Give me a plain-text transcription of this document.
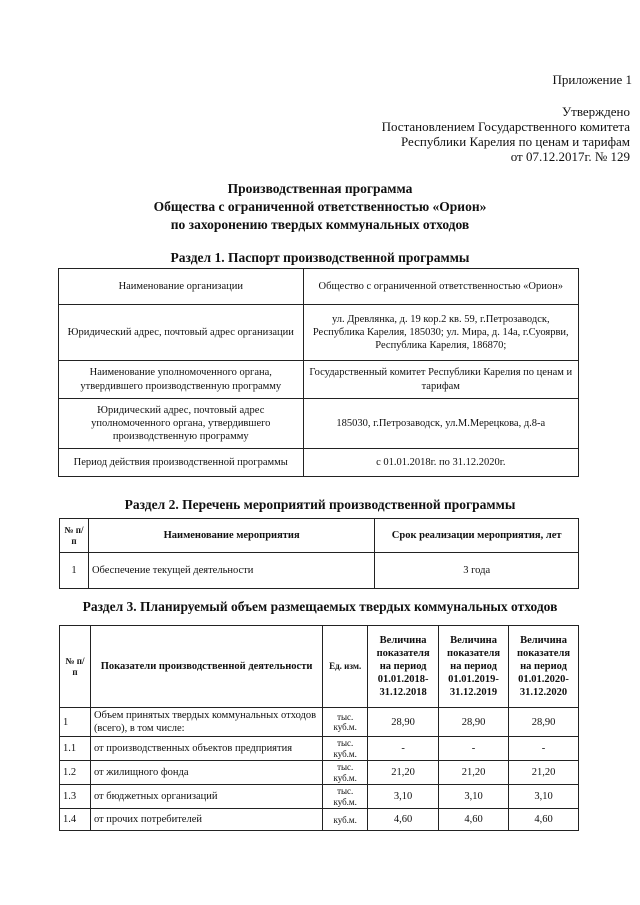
Приложение 1
Утверждено
Постановлением Государственного комитета
Республики Карелия по ценам и тарифам
от 07.12.2017г. № 129
Производственная программа
Общества с ограниченной ответственностью «Орион»
по захоронению твердых коммунальных отходов
Раздел 1. Паспорт производственной программы
Наименование организации	Общество с ограниченной ответственностью «Орион»
Юридический адрес, почтовый адрес организации	ул. Древлянка, д. 19 кор.2 кв. 59, г.Петрозаводск, Республика Карелия, 185030; ул. Мира, д. 14а, г.Суоярви, Республика Карелия, 186870;
Наименование уполномоченного органа, утвердившего производственную программу	Государственный комитет Республики Карелия по ценам и тарифам
Юридический адрес, почтовый адрес уполномоченного органа, утвердившего производственную программу	185030, г.Петрозаводск, ул.М.Мерецкова, д.8-а
Период действия производственной программы	с 01.01.2018г. по 31.12.2020г.
Раздел 2. Перечень мероприятий производственной программы
№ п/п	Наименование мероприятия	Срок реализации мероприятия, лет
1	Обеспечение текущей деятельности	3 года
Раздел 3. Планируемый объем размещаемых твердых коммунальных отходов
№ п/п	Показатели производственной деятельности	Ед. изм.	Величина показателя на период 01.01.2018-31.12.2018	Величина показателя на период 01.01.2019-31.12.2019	Величина показателя на период 01.01.2020-31.12.2020
1	Объем принятых твердых коммунальных отходов (всего), в том числе:	тыс. куб.м.	28,90	28,90	28,90
1.1	от производственных объектов предприятия	тыс. куб.м.	-	-	-
1.2	от жилищного фонда	тыс. куб.м.	21,20	21,20	21,20
1.3	от бюджетных организаций	тыс. куб.м.	3,10	3,10	3,10
1.4	от прочих потребителей	куб.м.	4,60	4,60	4,60
